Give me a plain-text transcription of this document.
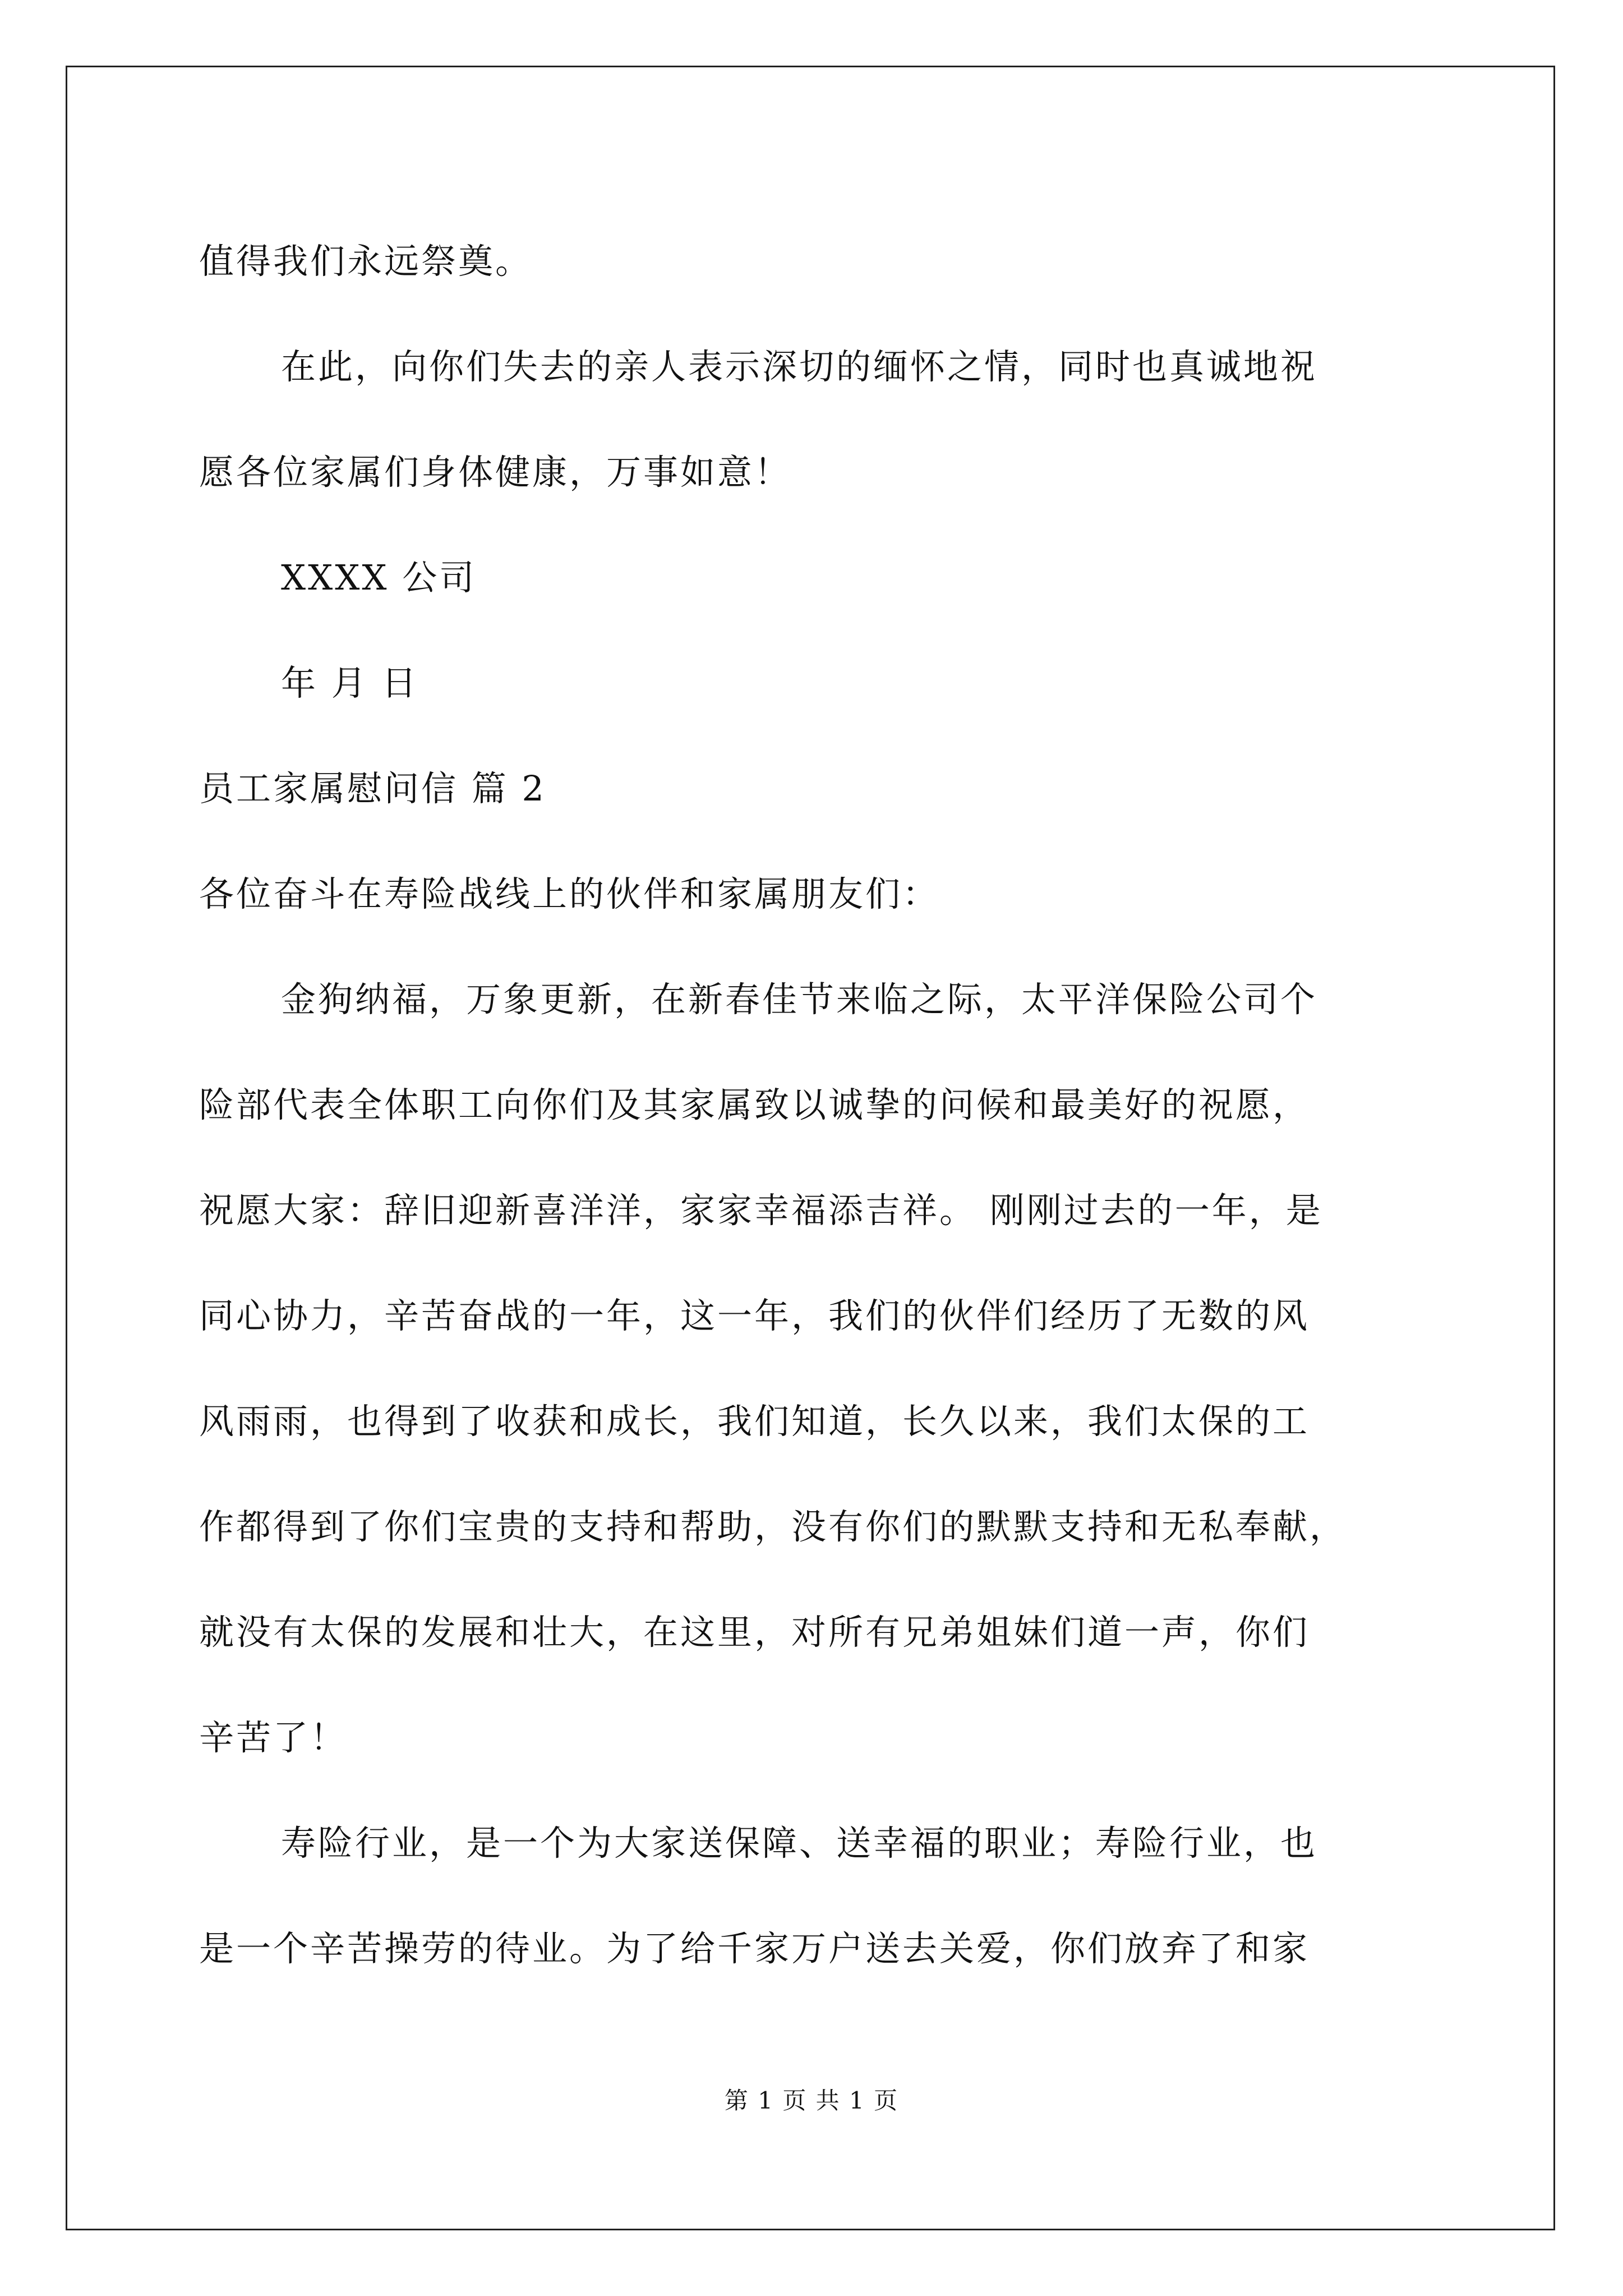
值得我们永远祭奠。
在此，向你们失去的亲人表示深切的缅怀之情，同时也真诚地祝
愿各位家属们身体健康，万事如意！
XXXX 公司
年 月 日
员工家属慰问信 篇 2
各位奋斗在寿险战线上的伙伴和家属朋友们：
金狗纳福，万象更新，在新春佳节来临之际，太平洋保险公司个
险部代表全体职工向你们及其家属致以诚挚的问候和最美好的祝愿，
祝愿大家：辞旧迎新喜洋洋，家家幸福添吉祥。 刚刚过去的一年，是
同心协力，辛苦奋战的一年，这一年，我们的伙伴们经历了无数的风
风雨雨，也得到了收获和成长，我们知道，长久以来，我们太保的工
作都得到了你们宝贵的支持和帮助，没有你们的默默支持和无私奉献，
就没有太保的发展和壮大，在这里，对所有兄弟姐妹们道一声，你们
辛苦了！
寿险行业，是一个为大家送保障、送幸福的职业；寿险行业，也
是一个辛苦操劳的待业。为了给千家万户送去关爱，你们放弃了和家
第 1 页 共 1 页
